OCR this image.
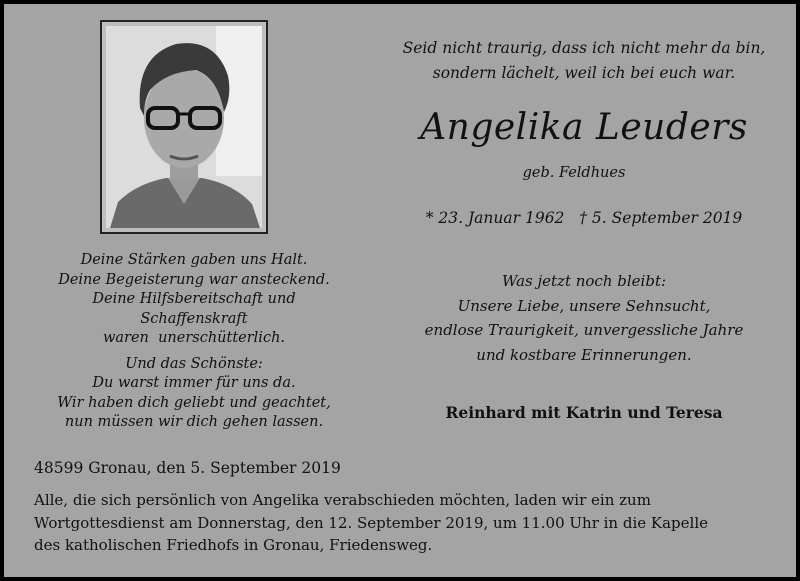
Seid nicht traurig, dass ich nicht mehr da bin,
sondern lächelt, weil ich bei euch war.

Angelika Leuders

geb. Feldhues

* 23. Januar 1962   † 5. September 2019

Deine Stärken gaben uns Halt.
Deine Begeisterung war ansteckend.
Deine Hilfsbereitschaft und
Schaffenskraft
waren  unerschütterlich.
Und das Schönste:
Du warst immer für uns da.
Wir haben dich geliebt und geachtet,
nun müssen wir dich gehen lassen.

Was jetzt noch bleibt:
Unsere Liebe, unsere Sehnsucht,
endlose Traurigkeit, unvergessliche Jahre
und kostbare Erinnerungen.

Reinhard mit Katrin und Teresa

48599 Gronau, den 5. September 2019

Alle, die sich persönlich von Angelika verabschieden möchten, laden wir ein zum
Wortgottesdienst am Donnerstag, den 12. September 2019, um 11.00 Uhr in die Kapelle
des katholischen Friedhofs in Gronau, Friedensweg.
